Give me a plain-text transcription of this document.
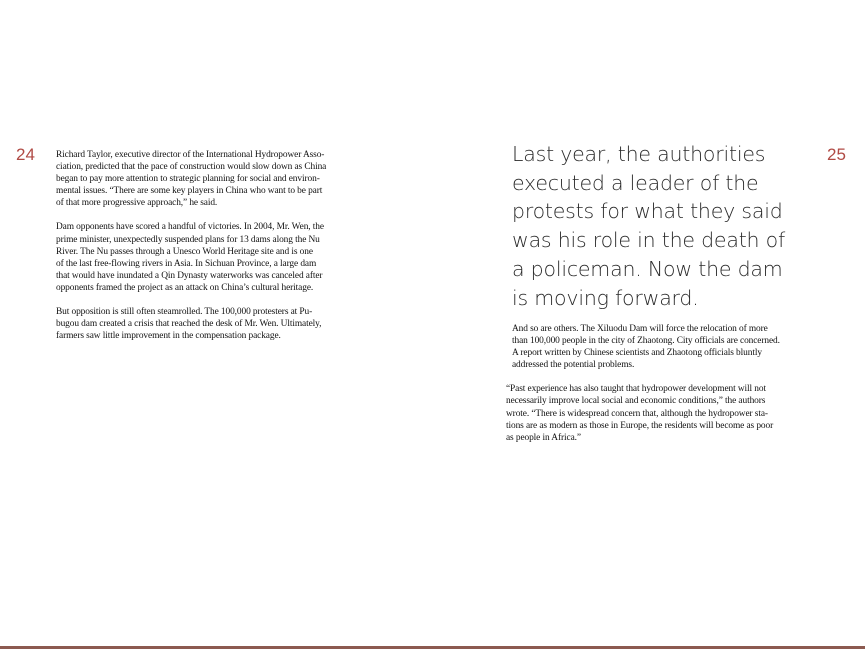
24	25

Richard Taylor, executive director of the International Hydropower Asso-
ciation, predicted that the pace of construction would slow down as China
began to pay more attention to strategic planning for social and environ-
mental issues. “There are some key players in China who want to be part
of that more progressive approach,” he said.

Dam opponents have scored a handful of victories. In 2004, Mr. Wen, the
prime minister, unexpectedly suspended plans for 13 dams along the Nu
River. The Nu passes through a Unesco World Heritage site and is one
of the last free-flowing rivers in Asia. In Sichuan Province, a large dam
that would have inundated a Qin Dynasty waterworks was canceled after
opponents framed the project as an attack on China’s cultural heritage.

But opposition is still often steamrolled. The 100,000 protesters at Pu-
bugou dam created a crisis that reached the desk of Mr. Wen. Ultimately,
farmers saw little improvement in the compensation package.

Last year, the authorities
executed a leader of the
protests for what they said
was his role in the death of
a policeman. Now the dam
is moving forward.

And so are others. The Xiluodu Dam will force the relocation of more
than 100,000 people in the city of Zhaotong. City officials are concerned.
A report written by Chinese scientists and Zhaotong officials bluntly
addressed the potential problems.

“Past experience has also taught that hydropower development will not
necessarily improve local social and economic conditions,” the authors
wrote. “There is widespread concern that, although the hydropower sta-
tions are as modern as those in Europe, the residents will become as poor
as people in Africa.”
